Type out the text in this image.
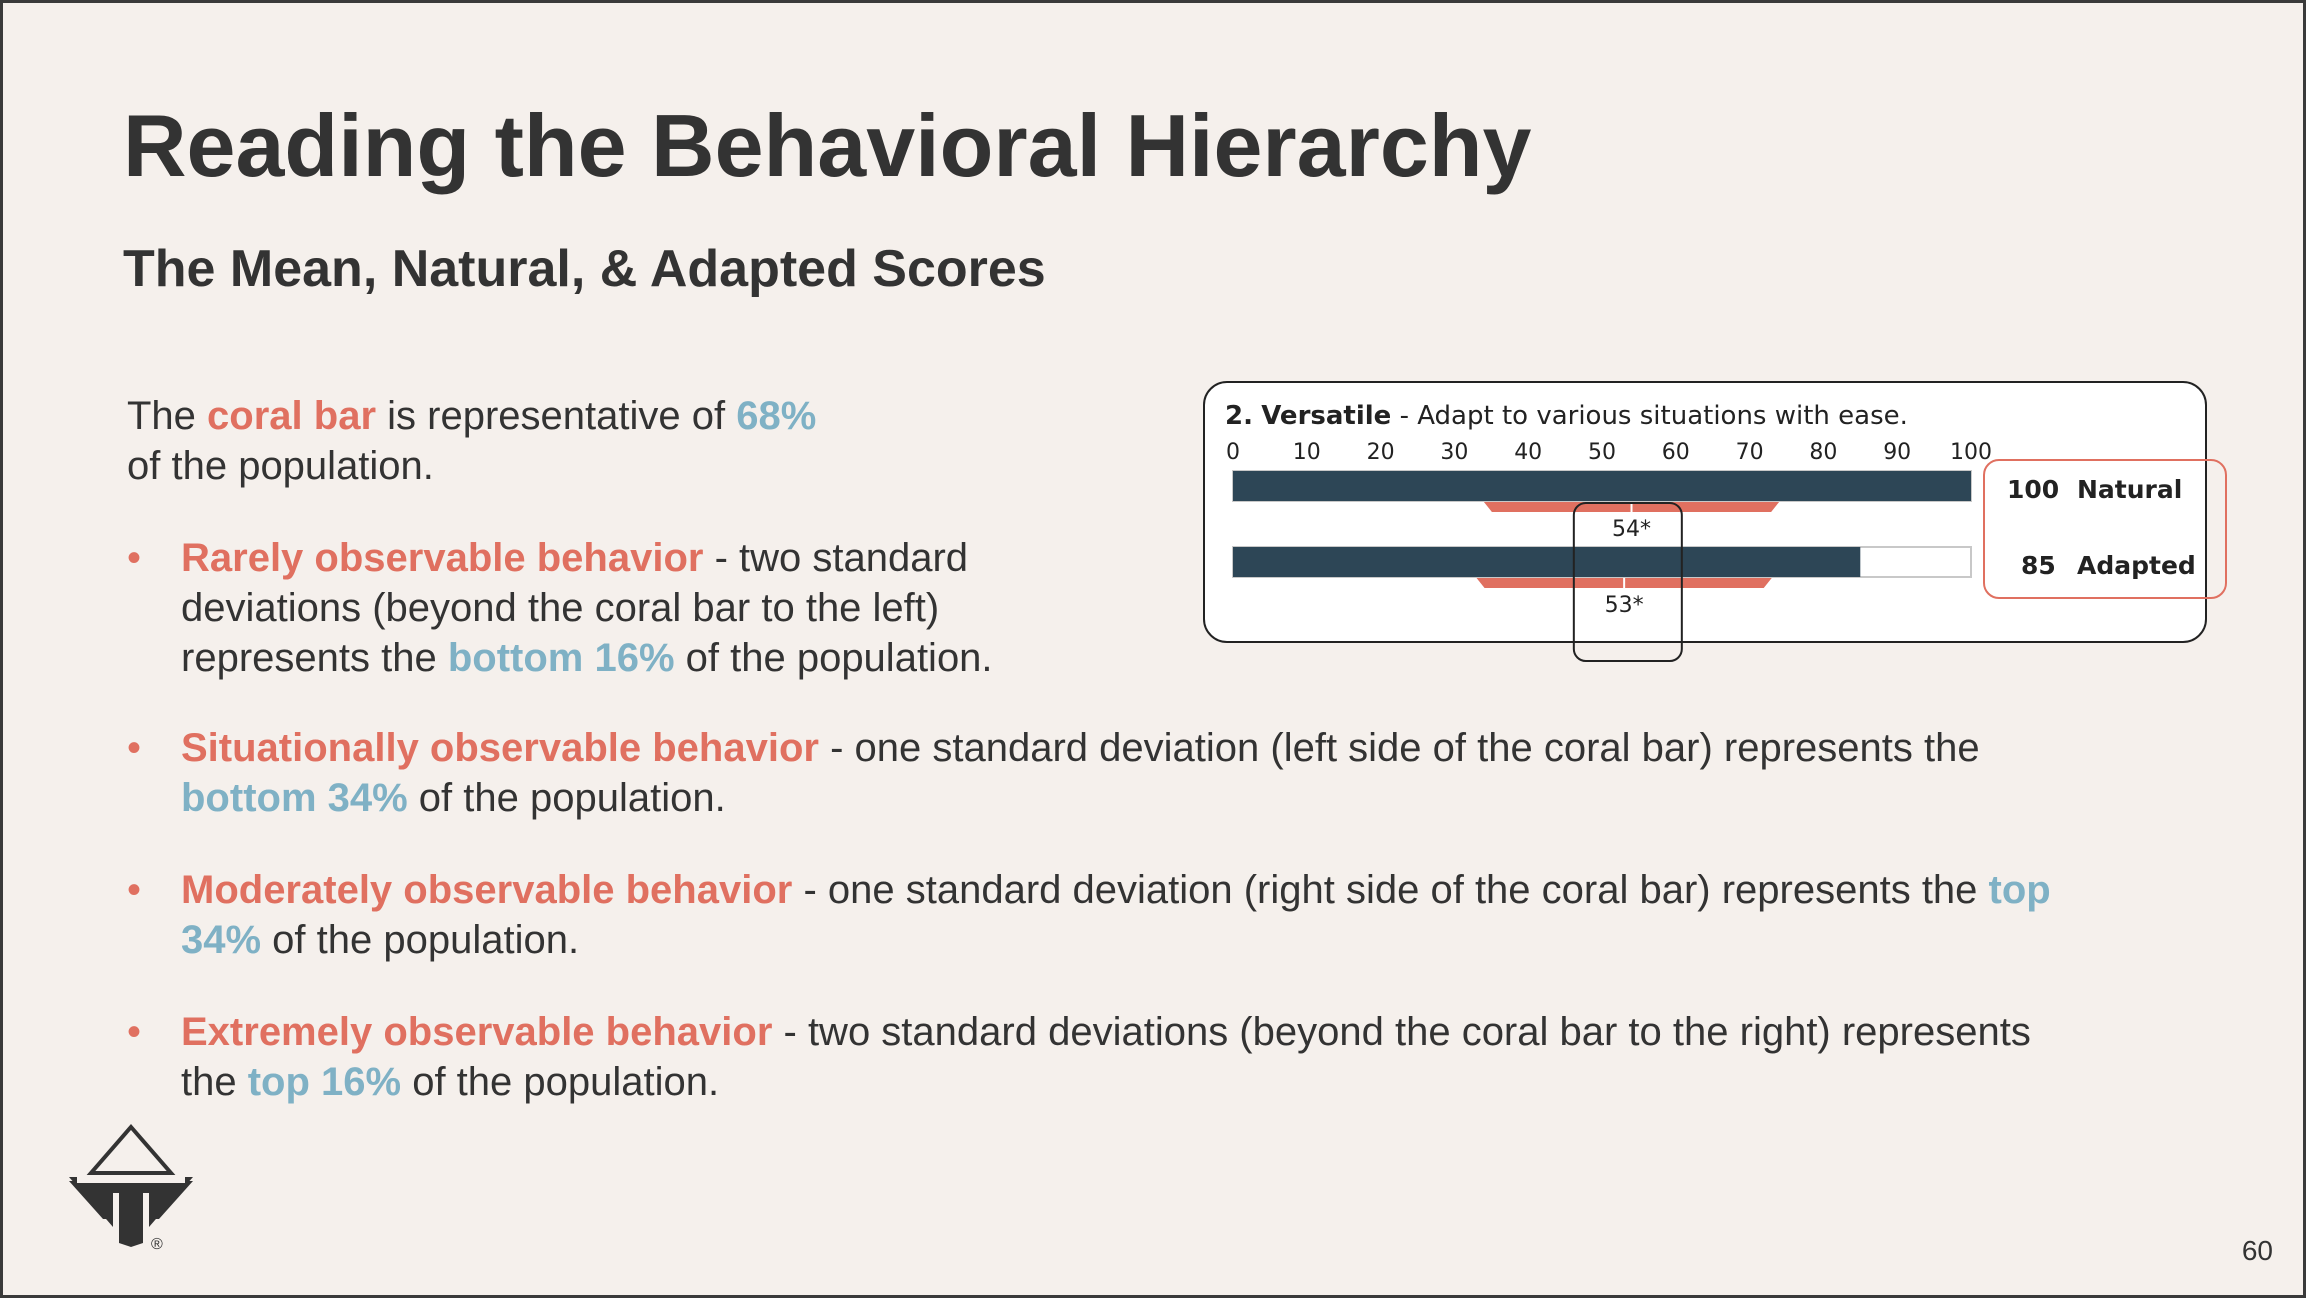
Reading the Behavioral Hierarchy
The Mean, Natural, & Adapted Scores
The coral bar is representative of 68%
of the population.
• Rarely observable behavior - two standard deviations (beyond the coral bar to the left) represents the bottom 16% of the population.
• Situationally observable behavior - one standard deviation (left side of the coral bar) represents the bottom 34% of the population.
• Moderately observable behavior - one standard deviation (right side of the coral bar) represents the top 34% of the population.
• Extremely observable behavior - two standard deviations (beyond the coral bar to the right) represents the top 16% of the population.
2. Versatile - Adapt to various situations with ease.
0 10 20 30 40 50 60 70 80 90 100
54*
53*
100 Natural
85 Adapted
®	60
